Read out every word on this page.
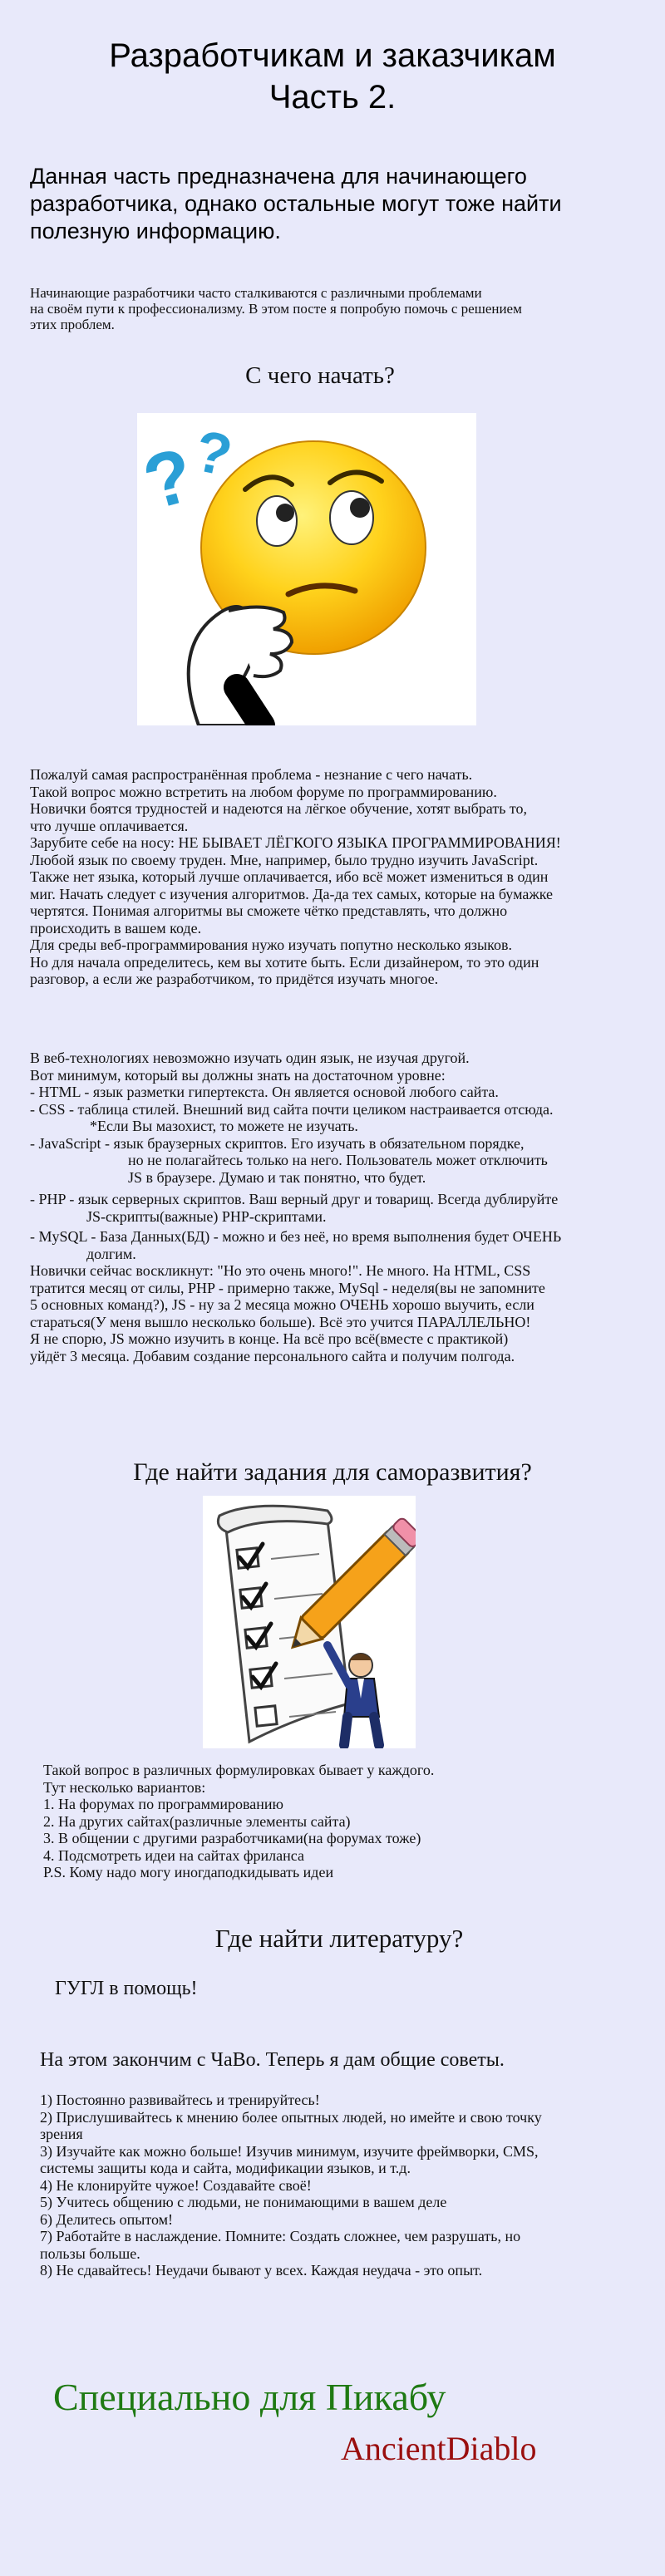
Разработчикам и заказчикам
Часть 2.
Данная часть предназначена для начинающего
разработчика, однако остальные могут тоже найти
полезную информацию.
Начинающие разработчики часто сталкиваются с различными проблемами
на своём пути к профессионализму. В этом посте я попробую помочь с решением
этих проблем.
С чего начать?
?
?
Пожалуй самая распространённая проблема - незнание с чего начать.
Такой вопрос можно встретить на любом форуме по программированию.
Новички боятся трудностей и надеются на лёгкое обучение, хотят выбрать то,
что лучше оплачивается.
Зарубите себе на носу: НЕ БЫВАЕТ ЛЁГКОГО ЯЗЫКА ПРОГРАММИРОВАНИЯ!
Любой язык по своему труден. Мне, например, было трудно изучить JavaScript.
Также нет языка, который лучше оплачивается, ибо всё может измениться в один
миг. Начать следует с изучения алгоритмов. Да-да тех самых, которые на бумажке
чертятся. Понимая алгоритмы вы сможете чётко представлять, что должно
происходить в вашем коде.
Для среды веб-программирования нужо изучать попутно несколько языков.
Но для начала определитесь, кем вы хотите быть. Если дизайнером, то это один
разговор, а если же разработчиком, то придётся изучать многое.
В веб-технологиях невозможно изучать один язык, не изучая другой.
Вот минимум, который вы должны знать на достаточном уровне:
- HTML - язык разметки гипертекста. Он является основой любого сайта.
- CSS - таблица стилей. Внешний вид сайта почти целиком настраивается отсюда.
*Если Вы мазохист, то можете не изучать.
- JavaScript - язык браузерных скриптов. Его изучать в обязательном порядке,
но не полагайтесь только на него. Пользователь может отключить
JS в браузере. Думаю и так понятно, что будет.
- PHP - язык серверных скриптов. Ваш верный друг и товарищ. Всегда дублируйте
JS-скрипты(важные) PHP-скриптами.
- MySQL - База Данных(БД) - можно и без неё, но время выполнения будет ОЧЕНЬ
долгим.
Новички сейчас воскликнут: "Но это очень много!". Не много. На HTML, CSS
тратится месяц от силы, PHP - примерно также, MySql - неделя(вы не запомните
5 основных команд?), JS - ну за 2 месяца можно ОЧЕНЬ хорошо выучить, если
стараться(У меня вышло несколько больше). Всё это учится ПАРАЛЛЕЛЬНО!
Я не спорю, JS можно изучить в конце. На всё про всё(вместе с практикой)
уйдёт 3 месяца. Добавим создание персонального сайта и получим полгода.
Где найти задания для саморазвития?
Такой вопрос в различных формулировках бывает у каждого.
Тут несколько вариантов:
1. На форумах по программированию
2. На других сайтах(различные элементы сайта)
3. В общении с другими разработчиками(на форумах тоже)
4. Подсмотреть идеи на сайтах фриланса
P.S. Кому надо могу иногдаподкидывать идеи
Где найти литературу?
ГУГЛ в помощь!
На этом закончим с ЧаВо. Теперь я дам общие советы.
1) Постоянно развивайтесь и тренируйтесь!
2) Прислушивайтесь к мнению более опытных людей, но имейте и свою точку
зрения
3) Изучайте как можно больше! Изучив минимум, изучите фреймворки, CMS,
системы защиты кода и сайта, модификации языков, и т.д.
4) Не клонируйте чужое! Создавайте своё!
5) Учитесь общению с людьми, не понимающими в вашем деле
6) Делитесь опытом!
7) Работайте в наслаждение. Помните: Создать сложнее, чем разрушать, но
пользы больше.
8) Не сдавайтесь! Неудачи бывают у всех. Каждая неудача - это опыт.
Специально для Пикабу
AncientDiablo
